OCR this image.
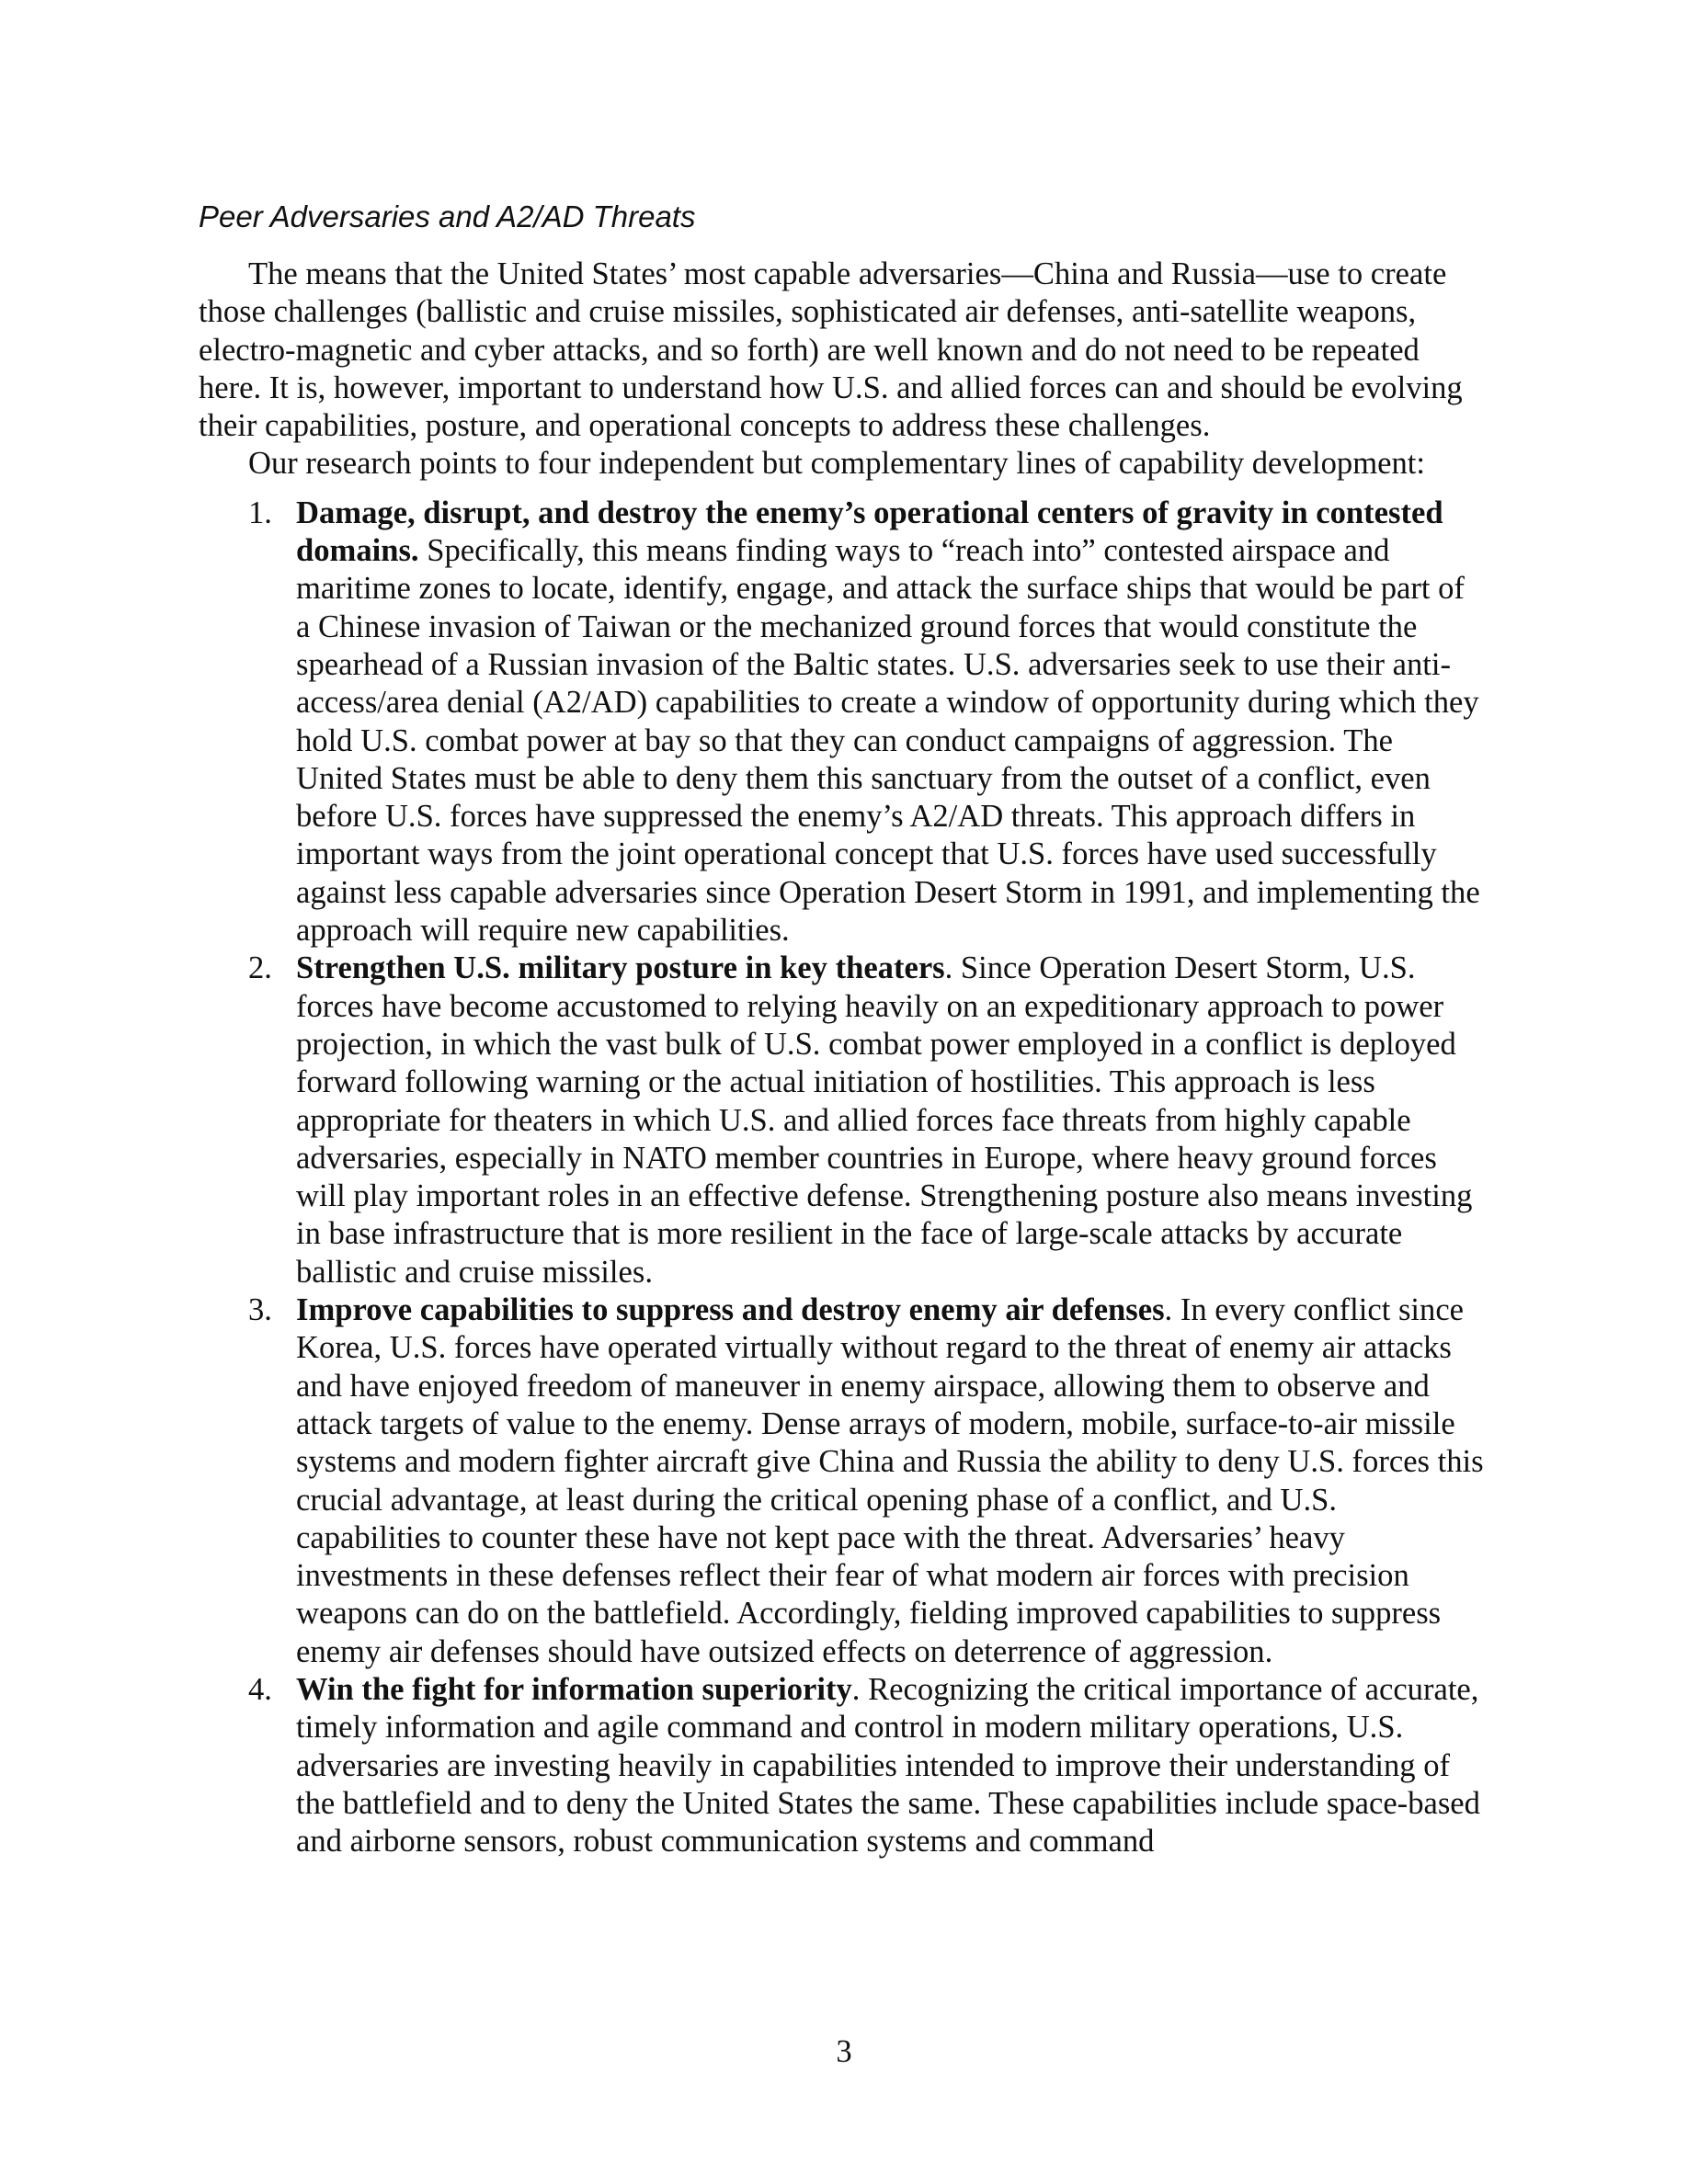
Peer Adversaries and A2/AD Threats

The means that the United States’ most capable adversaries—China and Russia—use to create those challenges (ballistic and cruise missiles, sophisticated air defenses, anti-satellite weapons, electro-magnetic and cyber attacks, and so forth) are well known and do not need to be repeated here. It is, however, important to understand how U.S. and allied forces can and should be evolving their capabilities, posture, and operational concepts to address these challenges.

Our research points to four independent but complementary lines of capability development:

1. Damage, disrupt, and destroy the enemy’s operational centers of gravity in contested domains. Specifically, this means finding ways to “reach into” contested airspace and maritime zones to locate, identify, engage, and attack the surface ships that would be part of a Chinese invasion of Taiwan or the mechanized ground forces that would constitute the spearhead of a Russian invasion of the Baltic states. U.S. adversaries seek to use their anti-access/area denial (A2/AD) capabilities to create a window of opportunity during which they hold U.S. combat power at bay so that they can conduct campaigns of aggression. The United States must be able to deny them this sanctuary from the outset of a conflict, even before U.S. forces have suppressed the enemy’s A2/AD threats. This approach differs in important ways from the joint operational concept that U.S. forces have used successfully against less capable adversaries since Operation Desert Storm in 1991, and implementing the approach will require new capabilities.
2. Strengthen U.S. military posture in key theaters. Since Operation Desert Storm, U.S. forces have become accustomed to relying heavily on an expeditionary approach to power projection, in which the vast bulk of U.S. combat power employed in a conflict is deployed forward following warning or the actual initiation of hostilities. This approach is less appropriate for theaters in which U.S. and allied forces face threats from highly capable adversaries, especially in NATO member countries in Europe, where heavy ground forces will play important roles in an effective defense. Strengthening posture also means investing in base infrastructure that is more resilient in the face of large-scale attacks by accurate ballistic and cruise missiles.
3. Improve capabilities to suppress and destroy enemy air defenses. In every conflict since Korea, U.S. forces have operated virtually without regard to the threat of enemy air attacks and have enjoyed freedom of maneuver in enemy airspace, allowing them to observe and attack targets of value to the enemy. Dense arrays of modern, mobile, surface-to-air missile systems and modern fighter aircraft give China and Russia the ability to deny U.S. forces this crucial advantage, at least during the critical opening phase of a conflict, and U.S. capabilities to counter these have not kept pace with the threat. Adversaries’ heavy investments in these defenses reflect their fear of what modern air forces with precision weapons can do on the battlefield. Accordingly, fielding improved capabilities to suppress enemy air defenses should have outsized effects on deterrence of aggression.
4. Win the fight for information superiority. Recognizing the critical importance of accurate, timely information and agile command and control in modern military operations, U.S. adversaries are investing heavily in capabilities intended to improve their understanding of the battlefield and to deny the United States the same. These capabilities include space-based and airborne sensors, robust communication systems and command
3
